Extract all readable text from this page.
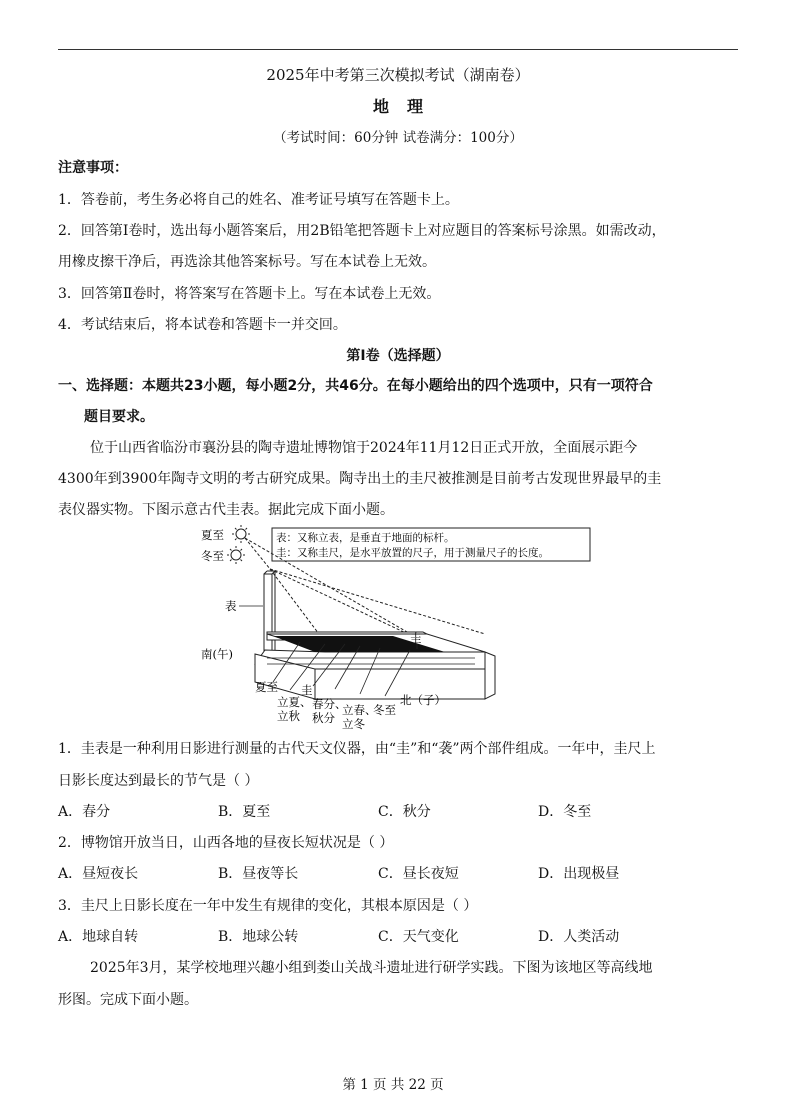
2025年中考第三次模拟考试（湖南卷）
地理
（考试时间：60分钟 试卷满分：100分）
注意事项：
1．答卷前，考生务必将自己的姓名、准考证号填写在答题卡上。
2．回答第Ⅰ卷时，选出每小题答案后，用2B铅笔把答题卡上对应题目的答案标号涂黑。如需改动，
用橡皮擦干净后，再选涂其他答案标号。写在本试卷上无效。
3．回答第Ⅱ卷时，将答案写在答题卡上。写在本试卷上无效。
4．考试结束后，将本试卷和答题卡一并交回。
第Ⅰ卷（选择题）
一、选择题：本题共23小题，每小题2分，共46分。在每小题给出的四个选项中，只有一项符合
题目要求。
位于山西省临汾市襄汾县的陶寺遗址博物馆于2024年11月12日正式开放，全面展示距今
4300年到3900年陶寺文明的考古研究成果。陶寺出土的圭尺被推测是目前考古发现世界最早的圭
表仪器实物。下图示意古代圭表。据此完成下面小题。
夏至
冬至
表：又称立表，是垂直于地面的标杆。
圭：又称圭尺，是水平放置的尺子，用于测量尺子的长度。
表
圭
南(午)
北（子）
夏至
立夏、
立秋
圭
春分、
秋分
立春、
立冬
冬至
1．圭表是一种利用日影进行测量的古代天文仪器，由“圭”和“袭”两个部件组成。一年中，圭尺上
日影长度达到最长的节气是（ ）
A．春分	B．夏至	C．秋分	D．冬至
2．博物馆开放当日，山西各地的昼夜长短状况是（ ）
A．昼短夜长	B．昼夜等长	C．昼长夜短	D．出现极昼
3．圭尺上日影长度在一年中发生有规律的变化，其根本原因是（ ）
A．地球自转	B．地球公转	C．天气变化	D．人类活动
2025年3月，某学校地理兴趣小组到娄山关战斗遗址进行研学实践。下图为该地区等高线地
形图。完成下面小题。
第 1 页 共 22 页
